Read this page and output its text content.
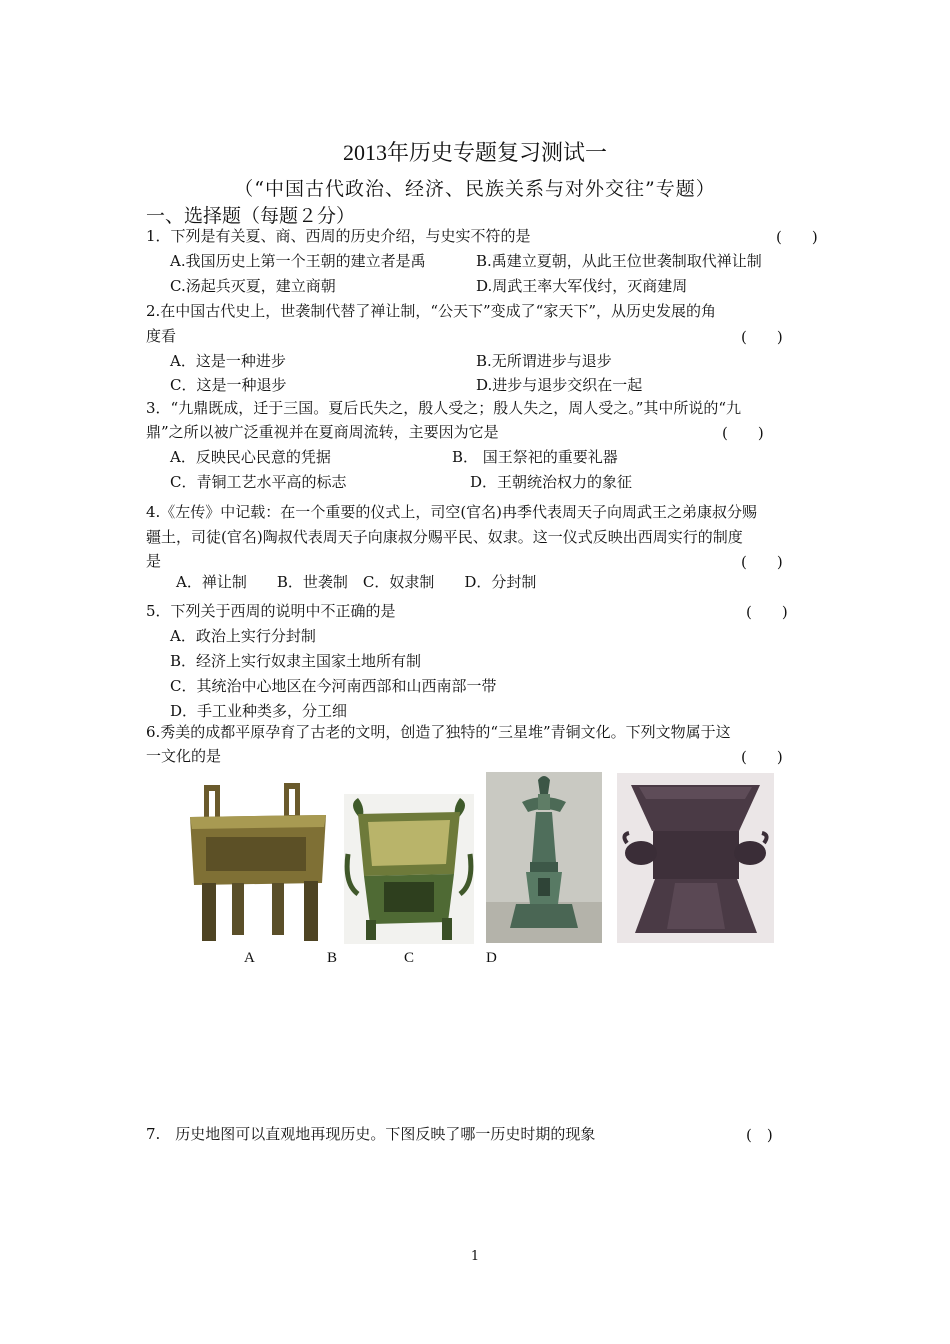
2013年历史专题复习测试一
（“中国古代政治、经济、民族关系与对外交往”专题）
一、选择题（每题２分）
1．下列是有关夏、商、西周的历史介绍，与史实不符的是	(　　)
A.我国历史上第一个王朝的建立者是禹	B.禹建立夏朝，从此王位世袭制取代禅让制
C.汤起兵灭夏，建立商朝	D.周武王率大军伐纣，灭商建周
2.在中国古代史上，世袭制代替了禅让制，“公天下”变成了“家天下”，从历史发展的角
度看	(　　)
A．这是一种进步	B.无所谓进步与退步
C．这是一种退步	D.进步与退步交织在一起
3．“九鼎既成，迁于三国。夏后氏失之，殷人受之；殷人失之，周人受之。”其中所说的“九
鼎”之所以被广泛重视并在夏商周流转，主要因为它是	(　　)
A．反映民心民意的凭据	B． 国王祭祀的重要礼器
C．青铜工艺水平高的标志	D．王朝统治权力的象征
4.《左传》中记载：在一个重要的仪式上，司空(官名)冉季代表周天子向周武王之弟康叔分赐
疆土，司徒(官名)陶叔代表周天子向康叔分赐平民、奴隶。这一仪式反映出西周实行的制度
是	(　　)
A．禅让制　　B．世袭制　C．奴隶制　　D．分封制
5．下列关于西周的说明中不正确的是	(　　)
A．政治上实行分封制
B．经济上实行奴隶主国家土地所有制
C．其统治中心地区在今河南西部和山西南部一带
D．手工业种类多，分工细
6.秀美的成都平原孕育了古老的文明，创造了独特的“三星堆”青铜文化。下列文物属于这
一文化的是	(　　)
A	B	C	D
7.　历史地图可以直观地再现历史。下图反映了哪一历史时期的现象	(　)
1
